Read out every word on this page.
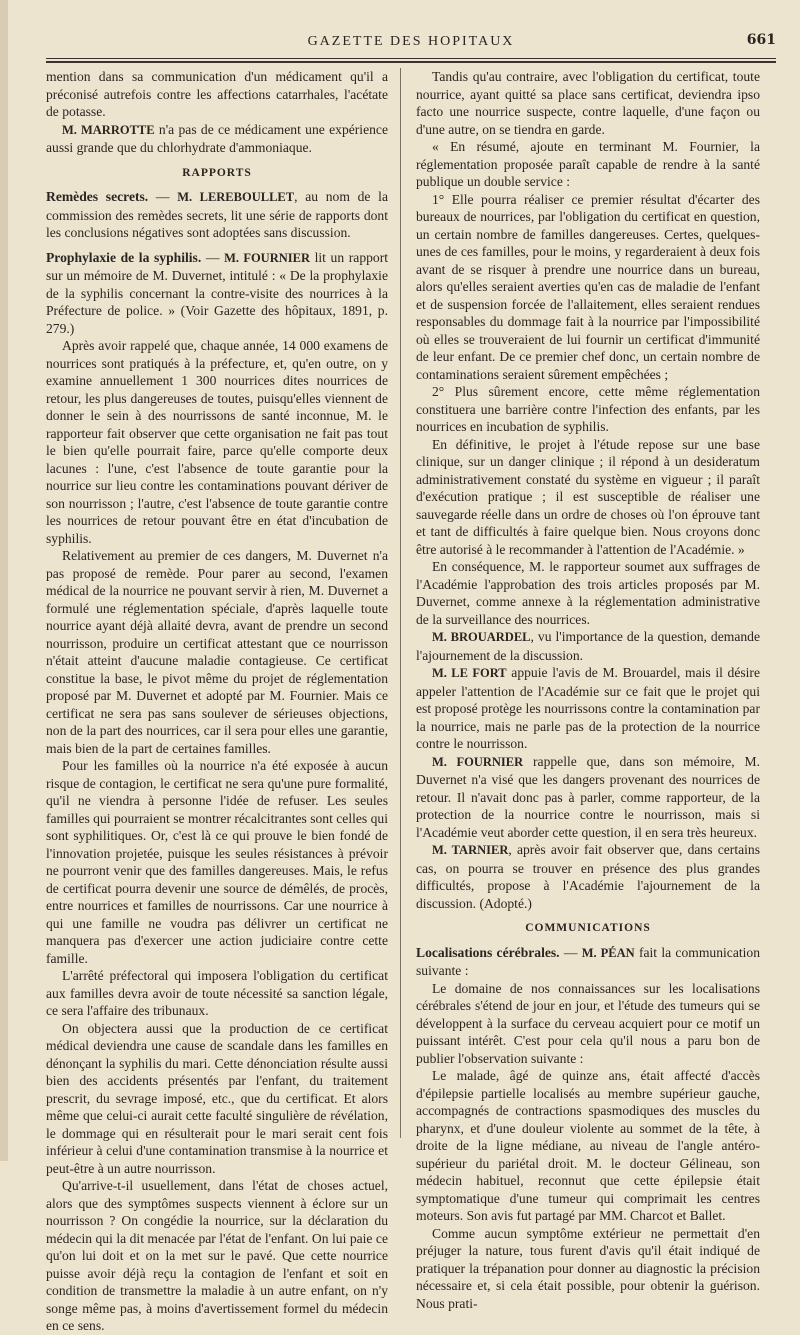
GAZETTE DES HOPITAUX	661

mention dans sa communication d'un médicament qu'il a préconisé autrefois contre les affections catarrhales, l'acétate de potasse.

M. MARROTTE n'a pas de ce médicament une expérience aussi grande que du chlorhydrate d'ammoniaque.

RAPPORTS

Remèdes secrets. — M. LEREBOULLET, au nom de la commission des remèdes secrets, lit une série de rapports dont les conclusions négatives sont adoptées sans discussion.

Prophylaxie de la syphilis. — M. FOURNIER lit un rapport sur un mémoire de M. Duvernet, intitulé : « De la prophylaxie de la syphilis concernant la contre-visite des nourrices à la Préfecture de police. » (Voir Gazette des hôpitaux, 1891, p. 279.)

Après avoir rappelé que, chaque année, 14 000 examens de nourrices sont pratiqués à la préfecture, et, qu'en outre, on y examine annuellement 1 300 nourrices dites nourrices de retour, les plus dangereuses de toutes, puisqu'elles viennent de donner le sein à des nourrissons de santé inconnue, M. le rapporteur fait observer que cette organisation ne fait pas tout le bien qu'elle pourrait faire, parce qu'elle comporte deux lacunes : l'une, c'est l'absence de toute garantie pour la nourrice sur lieu contre les contaminations pouvant dériver de son nourrisson ; l'autre, c'est l'absence de toute garantie contre les nourrices de retour pouvant être en état d'incubation de syphilis.

Relativement au premier de ces dangers, M. Duvernet n'a pas proposé de remède. Pour parer au second, l'examen médical de la nourrice ne pouvant servir à rien, M. Duvernet a formulé une réglementation spéciale, d'après laquelle toute nourrice ayant déjà allaité devra, avant de prendre un second nourrisson, produire un certificat attestant que ce nourrisson n'était atteint d'aucune maladie contagieuse. Ce certificat constitue la base, le pivot même du projet de réglementation proposé par M. Duvernet et adopté par M. Fournier. Mais ce certificat ne sera pas sans soulever de sérieuses objections, non de la part des nourrices, car il sera pour elles une garantie, mais bien de la part de certaines familles.

Pour les familles où la nourrice n'a été exposée à aucun risque de contagion, le certificat ne sera qu'une pure formalité, qu'il ne viendra à personne l'idée de refuser. Les seules familles qui pourraient se montrer récalcitrantes sont celles qui sont syphilitiques. Or, c'est là ce qui prouve le bien fondé de l'innovation projetée, puisque les seules résistances à prévoir ne pourront venir que des familles dangereuses. Mais, le refus de certificat pourra devenir une source de démêlés, de procès, entre nourrices et familles de nourrissons. Car une nourrice à qui une famille ne voudra pas délivrer un certificat ne manquera pas d'exercer une action judiciaire contre cette famille.

L'arrêté préfectoral qui imposera l'obligation du certificat aux familles devra avoir de toute nécessité sa sanction légale, ce sera l'affaire des tribunaux.

On objectera aussi que la production de ce certificat médical deviendra une cause de scandale dans les familles en dénonçant la syphilis du mari. Cette dénonciation résulte aussi bien des accidents présentés par l'enfant, du traitement prescrit, du sevrage imposé, etc., que du certificat. Et alors même que celui-ci aurait cette faculté singulière de révélation, le dommage qui en résulterait pour le mari serait cent fois inférieur à celui d'une contamination transmise à la nourrice et peut-être à un autre nourrisson.

Qu'arrive-t-il usuellement, dans l'état de choses actuel, alors que des symptômes suspects viennent à éclore sur un nourrisson ? On congédie la nourrice, sur la déclaration du médecin qui la dit menacée par l'état de l'enfant. On lui paie ce qu'on lui doit et on la met sur le pavé. Que cette nourrice puisse avoir déjà reçu la contagion de l'enfant et soit en condition de transmettre la maladie à un autre enfant, on n'y songe même pas, à moins d'avertissement formel du médecin en ce sens.

Tandis qu'au contraire, avec l'obligation du certificat, toute nourrice, ayant quitté sa place sans certificat, deviendra ipso facto une nourrice suspecte, contre laquelle, d'une façon ou d'une autre, on se tiendra en garde.

« En résumé, ajoute en terminant M. Fournier, la réglementation proposée paraît capable de rendre à la santé publique un double service :

1° Elle pourra réaliser ce premier résultat d'écarter des bureaux de nourrices, par l'obligation du certificat en question, un certain nombre de familles dangereuses. Certes, quelques-unes de ces familles, pour le moins, y regarderaient à deux fois avant de se risquer à prendre une nourrice dans un bureau, alors qu'elles seraient averties qu'en cas de maladie de l'enfant et de suspension forcée de l'allaitement, elles seraient rendues responsables du dommage fait à la nourrice par l'impossibilité où elles se trouveraient de lui fournir un certificat d'immunité de leur enfant. De ce premier chef donc, un certain nombre de contaminations seraient sûrement empêchées ;

2° Plus sûrement encore, cette même réglementation constituera une barrière contre l'infection des enfants, par les nourrices en incubation de syphilis.

En définitive, le projet à l'étude repose sur une base clinique, sur un danger clinique ; il répond à un desideratum administrativement constaté du système en vigueur ; il paraît d'exécution pratique ; il est susceptible de réaliser une sauvegarde réelle dans un ordre de choses où l'on éprouve tant et tant de difficultés à faire quelque bien. Nous croyons donc être autorisé à le recommander à l'attention de l'Académie. »

En conséquence, M. le rapporteur soumet aux suffrages de l'Académie l'approbation des trois articles proposés par M. Duvernet, comme annexe à la réglementation administrative de la surveillance des nourrices.

M. BROUARDEL, vu l'importance de la question, demande l'ajournement de la discussion.

M. LE FORT appuie l'avis de M. Brouardel, mais il désire appeler l'attention de l'Académie sur ce fait que le projet qui est proposé protège les nourrissons contre la contamination par la nourrice, mais ne parle pas de la protection de la nourrice contre le nourrisson.

M. FOURNIER rappelle que, dans son mémoire, M. Duvernet n'a visé que les dangers provenant des nourrices de retour. Il n'avait donc pas à parler, comme rapporteur, de la protection de la nourrice contre le nourrisson, mais si l'Académie veut aborder cette question, il en sera très heureux.

M. TARNIER, après avoir fait observer que, dans certains cas, on pourra se trouver en présence des plus grandes difficultés, propose à l'Académie l'ajournement de la discussion. (Adopté.)

COMMUNICATIONS

Localisations cérébrales. — M. PÉAN fait la communication suivante :

Le domaine de nos connaissances sur les localisations cérébrales s'étend de jour en jour, et l'étude des tumeurs qui se développent à la surface du cerveau acquiert pour ce motif un puissant intérêt. C'est pour cela qu'il nous a paru bon de publier l'observation suivante :

Le malade, âgé de quinze ans, était affecté d'accès d'épilepsie partielle localisés au membre supérieur gauche, accompagnés de contractions spasmodiques des muscles du pharynx, et d'une douleur violente au sommet de la tête, à droite de la ligne médiane, au niveau de l'angle antéro-supérieur du pariétal droit. M. le docteur Gélineau, son médecin habituel, reconnut que cette épilepsie était symptomatique d'une tumeur qui comprimait les centres moteurs. Son avis fut partagé par MM. Charcot et Ballet.

Comme aucun symptôme extérieur ne permettait d'en préjuger la nature, tous furent d'avis qu'il était indiqué de pratiquer la trépanation pour donner au diagnostic la précision nécessaire et, si cela était possible, pour obtenir la guérison. Nous prati-
